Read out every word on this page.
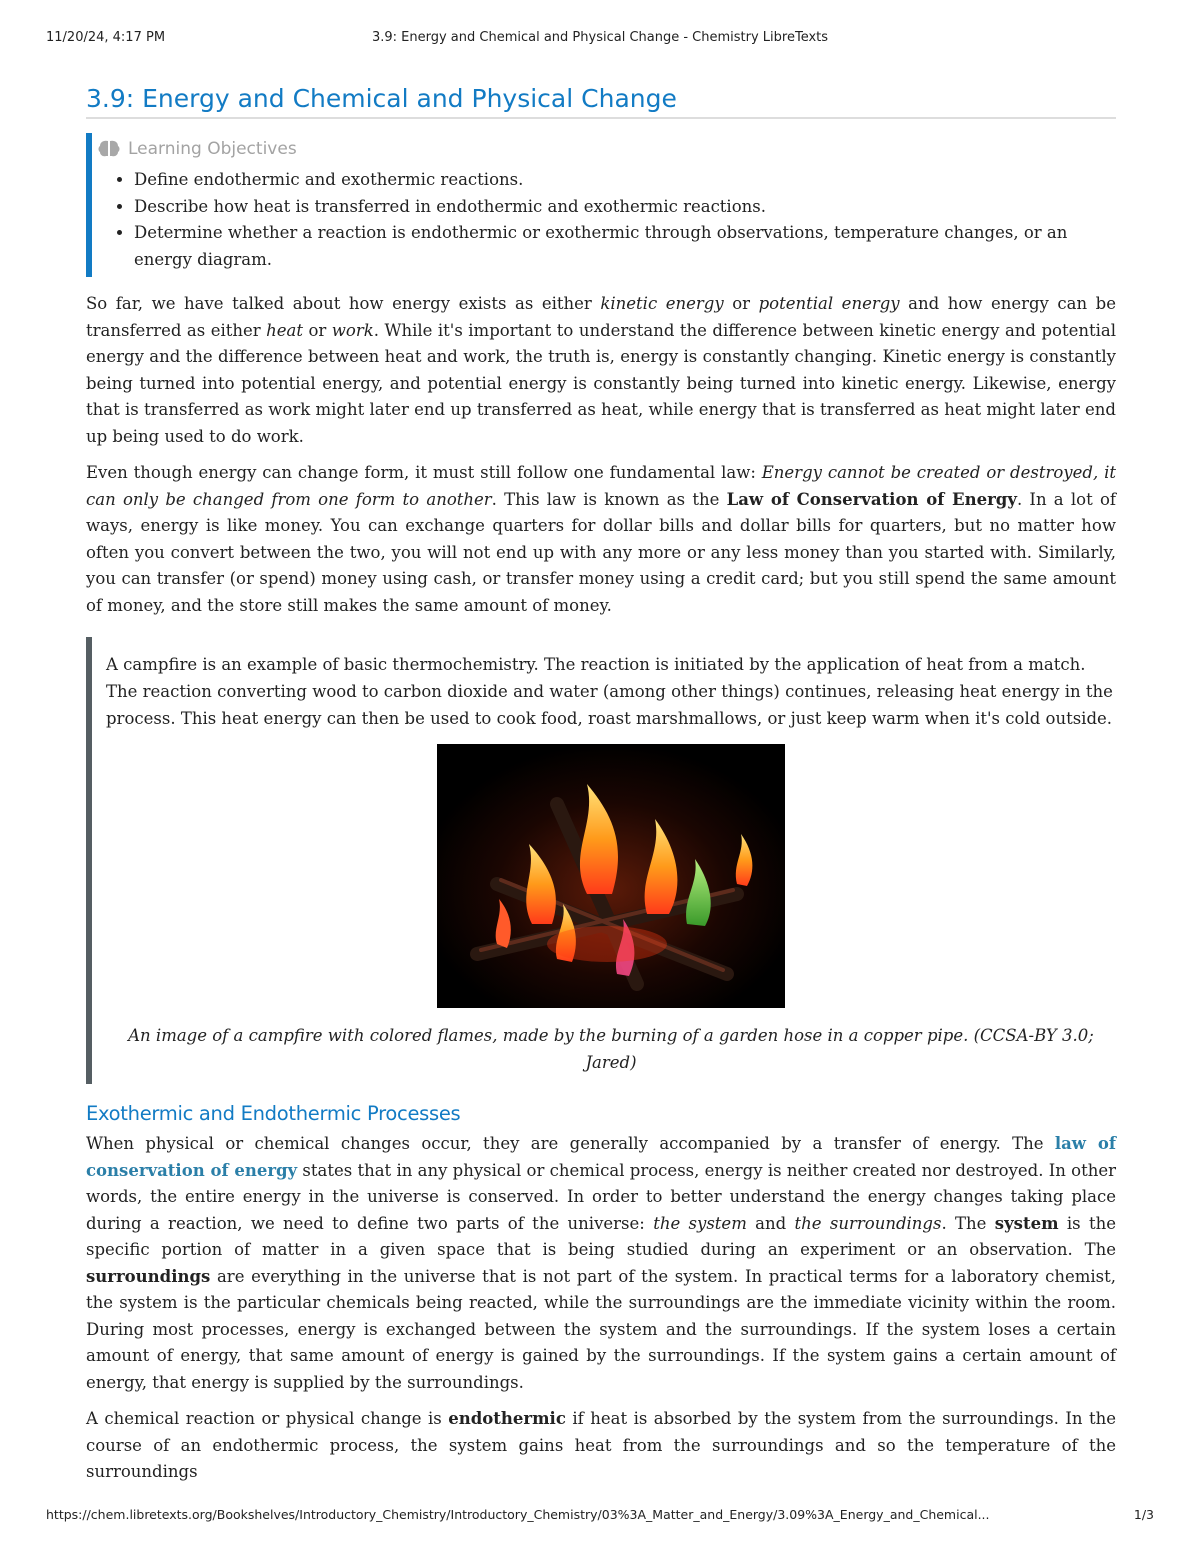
11/20/24, 4:17 PM	3.9: Energy and Chemical and Physical Change - Chemistry LibreTexts
3.9: Energy and Chemical and Physical Change
Learning Objectives
• Define endothermic and exothermic reactions.
• Describe how heat is transferred in endothermic and exothermic reactions.
• Determine whether a reaction is endothermic or exothermic through observations, temperature changes, or an energy diagram.

So far, we have talked about how energy exists as either kinetic energy or potential energy and how energy can be transferred as either heat or work. While it's important to understand the difference between kinetic energy and potential energy and the difference between heat and work, the truth is, energy is constantly changing. Kinetic energy is constantly being turned into potential energy, and potential energy is constantly being turned into kinetic energy. Likewise, energy that is transferred as work might later end up transferred as heat, while energy that is transferred as heat might later end up being used to do work.

Even though energy can change form, it must still follow one fundamental law: Energy cannot be created or destroyed, it can only be changed from one form to another. This law is known as the Law of Conservation of Energy. In a lot of ways, energy is like money. You can exchange quarters for dollar bills and dollar bills for quarters, but no matter how often you convert between the two, you will not end up with any more or any less money than you started with. Similarly, you can transfer (or spend) money using cash, or transfer money using a credit card; but you still spend the same amount of money, and the store still makes the same amount of money.

A campfire is an example of basic thermochemistry. The reaction is initiated by the application of heat from a match. The reaction converting wood to carbon dioxide and water (among other things) continues, releasing heat energy in the process. This heat energy can then be used to cook food, roast marshmallows, or just keep warm when it's cold outside.

An image of a campfire with colored flames, made by the burning of a garden hose in a copper pipe. (CCSA-BY 3.0; Jared)
Exothermic and Endothermic Processes

When physical or chemical changes occur, they are generally accompanied by a transfer of energy. The law of conservation of energy states that in any physical or chemical process, energy is neither created nor destroyed. In other words, the entire energy in the universe is conserved. In order to better understand the energy changes taking place during a reaction, we need to define two parts of the universe: the system and the surroundings. The system is the specific portion of matter in a given space that is being studied during an experiment or an observation. The surroundings are everything in the universe that is not part of the system. In practical terms for a laboratory chemist, the system is the particular chemicals being reacted, while the surroundings are the immediate vicinity within the room. During most processes, energy is exchanged between the system and the surroundings. If the system loses a certain amount of energy, that same amount of energy is gained by the surroundings. If the system gains a certain amount of energy, that energy is supplied by the surroundings.

A chemical reaction or physical change is endothermic if heat is absorbed by the system from the surroundings. In the course of an endothermic process, the system gains heat from the surroundings and so the temperature of the surroundings

https://chem.libretexts.org/Bookshelves/Introductory_Chemistry/Introductory_Chemistry/03%3A_Matter_and_Energy/3.09%3A_Energy_and_Chemical...	1/3
